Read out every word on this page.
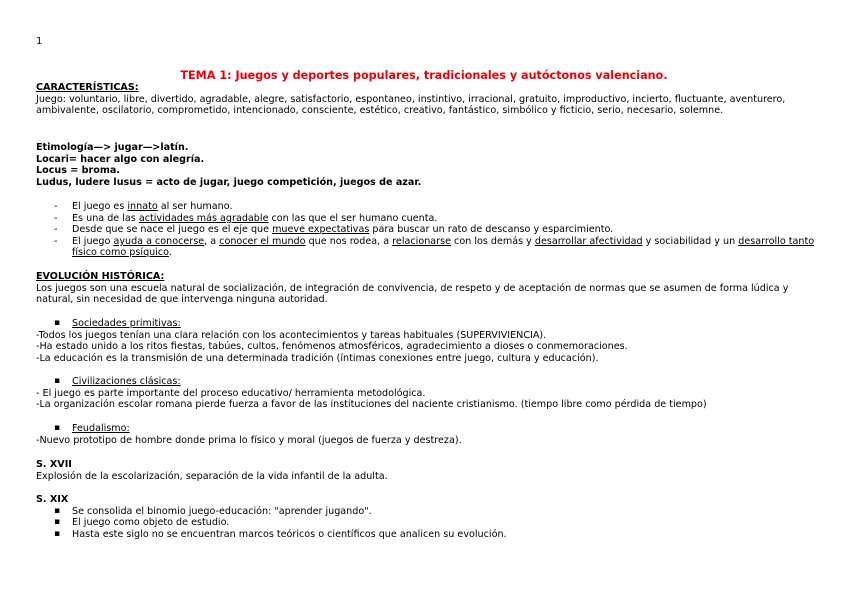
1
TEMA 1: Juegos y deportes populares, tradicionales y autóctonos valenciano.

CARACTERÍSTICAS:

Juego: voluntario, libre, divertido, agradable, alegre, satisfactorio, espontaneo, instintivo, irracional, gratuito, improductivo, incierto, fluctuante, aventurero, ambivalente, oscilatorio, comprometido, intencionado, consciente, estético, creativo, fantástico, simbólico y ficticio, serio, necesario, solemne.

Etimología—> jugar—>latín.

Locari= hacer algo con alegría.

Locus = broma.

Ludus, ludere lusus = acto de jugar, juego competición, juegos de azar.

- El juego es innato al ser humano.
- Es una de las actividades más agradable con las que el ser humano cuenta.
- Desde que se nace el juego es el eje que mueve expectativas para buscar un rato de descanso y esparcimiento.
- El juego ayuda a conocerse, a conocer el mundo que nos rodea, a relacionarse con los demás y desarrollar afectividad y sociabilidad y un desarrollo tanto físico como psíquico.

EVOLUCIÓN HISTÓRICA:

Los juegos son una escuela natural de socialización, de integración de convivencia, de respeto y de aceptación de normas que se asumen de forma lúdica y natural, sin necesidad de que intervenga ninguna autoridad.

▪ Sociedades primitivas:

-Todos los juegos tenían una clara relación con los acontecimientos y tareas habituales (SUPERVIVIENCIA).

-Ha estado unido a los ritos fiestas, tabúes, cultos, fenómenos atmosféricos, agradecimiento a dioses o conmemoraciones.

-La educación es la transmisión de una determinada tradición (íntimas conexiones entre juego, cultura y educación).

▪ Civilizaciones clásicas:

- El juego es parte importante del proceso educativo/ herramienta metodológica.

-La organización escolar romana pierde fuerza a favor de las instituciones del naciente cristianismo. (tiempo libre como pérdida de tiempo)

▪ Feudalismo:

-Nuevo prototipo de hombre donde prima lo físico y moral (juegos de fuerza y destreza).

S. XVII

Explosión de la escolarización, separación de la vida infantil de la adulta.

S. XIX

▪ Se consolida el binomio juego-educación: "aprender jugando".
▪ El juego como objeto de estudio.
▪ Hasta este siglo no se encuentran marcos teóricos o científicos que analicen su evolución.
